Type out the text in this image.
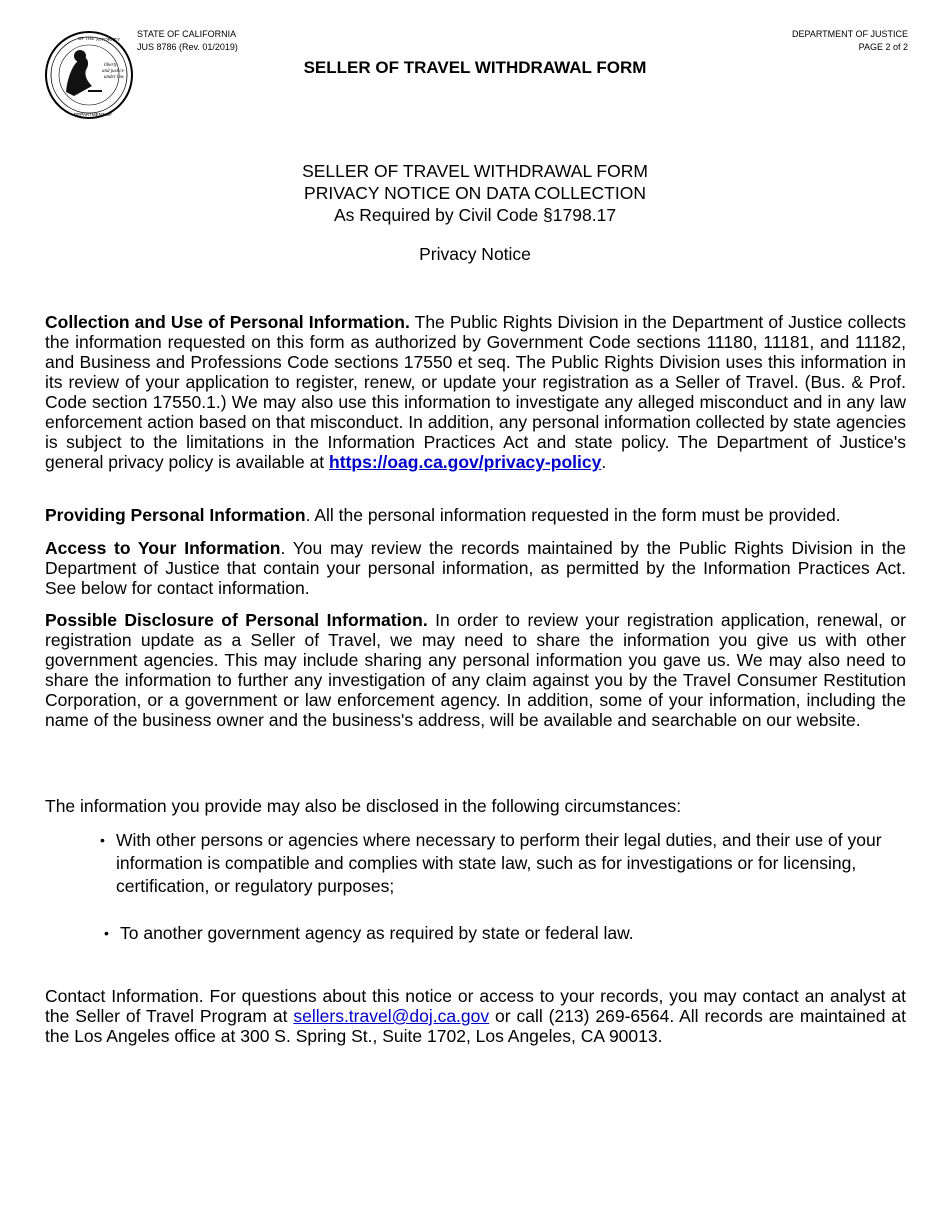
liberty
and justice
under law
OF THE ATTORNEY
DEPARTMENT OF
STATE OF CALIFORNIA
JUS 8786 (Rev. 01/2019)
DEPARTMENT OF JUSTICE
PAGE 2 of 2
SELLER OF TRAVEL WITHDRAWAL FORM
SELLER OF TRAVEL WITHDRAWAL FORM
PRIVACY NOTICE ON DATA COLLECTION
As Required by Civil Code §1798.17
Privacy Notice

Collection and Use of Personal Information. The Public Rights Division in the Department of Justice collects the information requested on this form as authorized by Government Code sections 11180, 11181, and 11182, and Business and Professions Code sections 17550 et seq. The Public Rights Division uses this information in its review of your application to register, renew, or update your registration as a Seller of Travel. (Bus. & Prof. Code section 17550.1.) We may also use this information to investigate any alleged misconduct and in any law enforcement action based on that misconduct. In addition, any personal information collected by state agencies is subject to the limitations in the Information Practices Act and state policy. The Department of Justice's general privacy policy is available at https://oag.ca.gov/privacy-policy.

Providing Personal Information. All the personal information requested in the form must be provided.

Access to Your Information. You may review the records maintained by the Public Rights Division in the Department of Justice that contain your personal information, as permitted by the Information Practices Act. See below for contact information.

Possible Disclosure of Personal Information. In order to review your registration application, renewal, or registration update as a Seller of Travel, we may need to share the information you give us with other government agencies. This may include sharing any personal information you gave us. We may also need to share the information to further any investigation of any claim against you by the Travel Consumer Restitution Corporation, or a government or law enforcement agency. In addition, some of your information, including the name of the business owner and the business's address, will be available and searchable on our website.

The information you provide may also be disclosed in the following circumstances:

• With other persons or agencies where necessary to perform their legal duties, and their use of your information is compatible and complies with state law, such as for investigations or for licensing, certification, or regulatory purposes;
• To another government agency as required by state or federal law.

Contact Information. For questions about this notice or access to your records, you may contact an analyst at the Seller of Travel Program at sellers.travel@doj.ca.gov or call (213) 269-6564. All records are maintained at the Los Angeles office at 300 S. Spring St., Suite 1702, Los Angeles, CA 90013.
